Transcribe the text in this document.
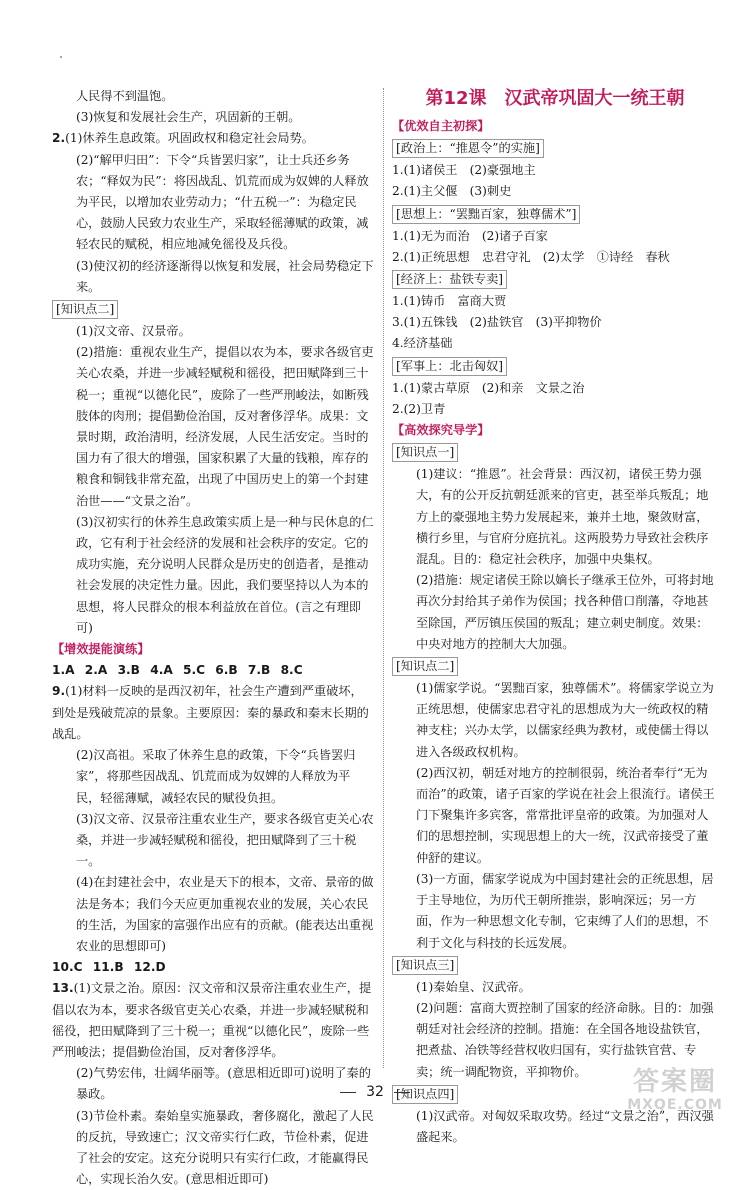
人民得不到温饱。
(3)恢复和发展社会生产，巩固新的王朝。
2.(1)休养生息政策。巩固政权和稳定社会局势。
(2)“解甲归田”：下令“兵皆罢归家”，让士兵还乡务农；“释奴为民”：将因战乱、饥荒而成为奴婢的人释放为平民，以增加农业劳动力；“什五税一”：为稳定民心，鼓励人民致力农业生产，采取轻徭薄赋的政策，减轻农民的赋税，相应地减免徭役及兵役。
(3)使汉初的经济逐渐得以恢复和发展，社会局势稳定下来。
[知识点二]
(1)汉文帝、汉景帝。
(2)措施：重视农业生产，提倡以农为本，要求各级官吏关心农桑，并进一步减轻赋税和徭役，把田赋降到三十税一；重视“以德化民”，废除了一些严刑峻法，如断残肢体的肉刑；提倡勤俭治国，反对奢侈浮华。成果：文景时期，政治清明，经济发展，人民生活安定。当时的国力有了很大的增强，国家积累了大量的钱粮，库存的粮食和铜钱非常充盈，出现了中国历史上的第一个封建治世——“文景之治”。
(3)汉初实行的休养生息政策实质上是一种与民休息的仁政，它有利于社会经济的发展和社会秩序的安定。它的成功实施，充分说明人民群众是历史的创造者，是推动社会发展的决定性力量。因此，我们要坚持以人为本的思想，将人民群众的根本利益放在首位。(言之有理即可)
【增效提能演练】
1.A 2.A 3.B 4.A 5.C 6.B 7.B 8.C
9.(1)材料一反映的是西汉初年，社会生产遭到严重破坏，到处是残破荒凉的景象。主要原因：秦的暴政和秦末长期的战乱。
(2)汉高祖。采取了休养生息的政策，下令“兵皆罢归家”，将那些因战乱、饥荒而成为奴婢的人释放为平民，轻徭薄赋，减轻农民的赋役负担。
(3)汉文帝、汉景帝注重农业生产，要求各级官吏关心农桑，并进一步减轻赋税和徭役，把田赋降到了三十税一。
(4)在封建社会中，农业是天下的根本，文帝、景帝的做法是务本；我们今天应更加重视农业的发展，关心农民的生活，为国家的富强作出应有的贡献。(能表达出重视农业的思想即可)
10.C 11.B 12.D
13.(1)文景之治。原因：汉文帝和汉景帝注重农业生产，提倡以农为本，要求各级官吏关心农桑，并进一步减轻赋税和徭役，把田赋降到了三十税一；重视“以德化民”，废除一些严刑峻法；提倡勤俭治国，反对奢侈浮华。
(2)气势宏伟，壮阔华丽等。(意思相近即可)说明了秦的暴政。
(3)节俭朴素。秦始皇实施暴政，奢侈腐化，激起了人民的反抗，导致速亡；汉文帝实行仁政，节俭朴素，促进了社会的安定。这充分说明只有实行仁政，才能赢得民心，实现长治久安。(意思相近即可)
第12课　汉武帝巩固大一统王朝
【优效自主初探】
[政治上：“推恩令”的实施]
1.(1)诸侯王　(2)豪强地主
2.(1)主父偃　(3)刺史
[思想上：“罢黜百家，独尊儒术”]
1.(1)无为而治　(2)诸子百家
2.(1)正统思想　忠君守礼　(2)太学　①诗经　春秋
[经济上：盐铁专卖]
1.(1)铸币　富商大贾
3.(1)五铢钱　(2)盐铁官　(3)平抑物价
4.经济基础
[军事上：北击匈奴]
1.(1)蒙古草原　(2)和亲　文景之治
2.(2)卫青
【高效探究导学】
[知识点一]
(1)建议：“推恩”。社会背景：西汉初，诸侯王势力强大，有的公开反抗朝廷派来的官吏，甚至举兵叛乱；地方上的豪强地主势力发展起来，兼并土地，聚敛财富，横行乡里，与官府分庭抗礼。这两股势力导致社会秩序混乱。目的：稳定社会秩序，加强中央集权。
(2)措施：规定诸侯王除以嫡长子继承王位外，可将封地再次分封给其子弟作为侯国；找各种借口削藩，夺地甚至除国，严厉镇压侯国的叛乱；建立刺史制度。效果：中央对地方的控制大大加强。
[知识点二]
(1)儒家学说。“罢黜百家，独尊儒术”。将儒家学说立为正统思想，使儒家忠君守礼的思想成为大一统政权的精神支柱；兴办太学，以儒家经典为教材，或使儒士得以进入各级政权机构。
(2)西汉初，朝廷对地方的控制很弱，统治者奉行“无为而治”的政策，诸子百家的学说在社会上很流行。诸侯王门下聚集许多宾客，常常批评皇帝的政策。为加强对人们的思想控制，实现思想上的大一统，汉武帝接受了董仲舒的建议。
(3)一方面，儒家学说成为中国封建社会的正统思想，居于主导地位，为历代王朝所推崇，影响深远；另一方面，作为一种思想文化专制，它束缚了人们的思想，不利于文化与科技的长远发展。
[知识点三]
(1)秦始皇、汉武帝。
(2)问题：富商大贾控制了国家的经济命脉。目的：加强朝廷对社会经济的控制。措施：在全国各地设盐铁官，把煮盐、冶铁等经营权收归国有，实行盐铁官营、专卖；统一调配物资，平抑物价。
[知识点四]
(1)汉武帝。对匈奴采取攻势。经过“文景之治”，西汉强盛起来。
32	答案圈
MXQE.COM
